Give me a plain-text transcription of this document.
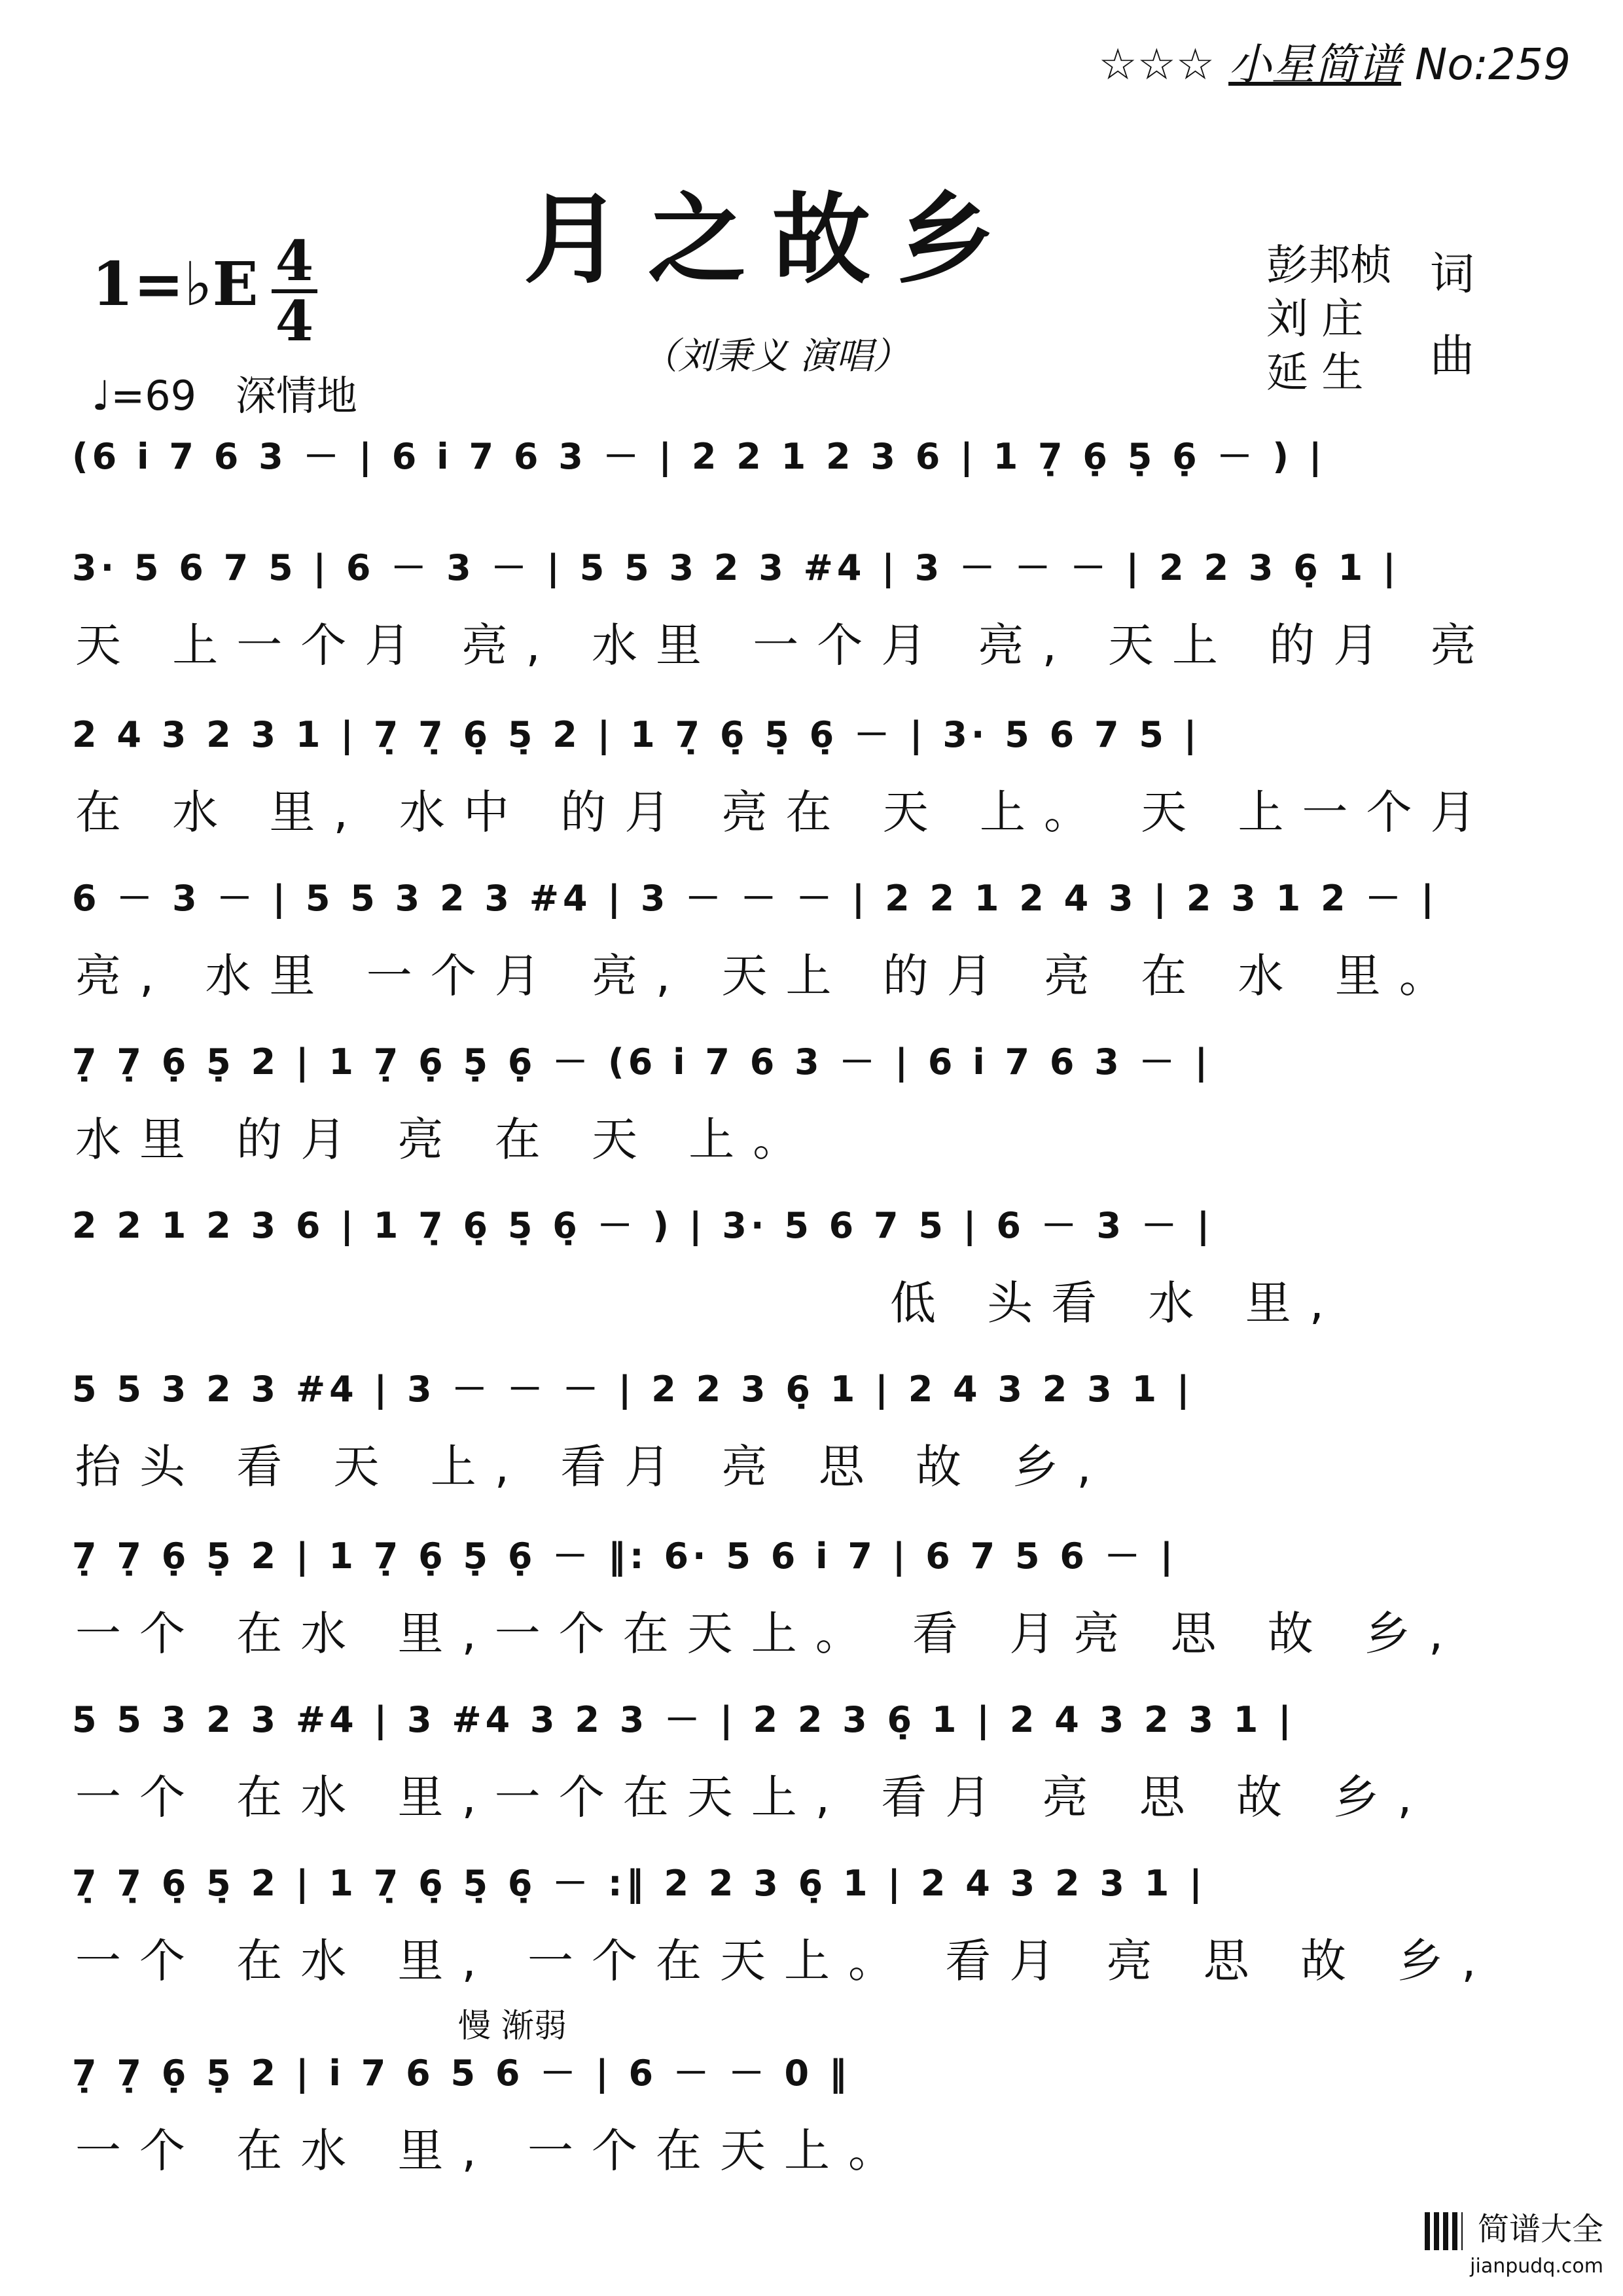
☆☆☆ 小星简谱 No:259
月之故乡
（刘秉义 演唱）
1=♭E 4
4
♩=69 深情地
彭邦桢
刘 庄
延 生
词
曲
(6 i̇ 7 6 3 － | 6 i̇ 7 6 3 － | 2 2 1 2 3 6 | 1 7̣ 6̣ 5̣ 6̣ － ) |
3· 5 6 7 5 | 6 － 3 － | 5 5 3 2 3 #4 | 3 － － － | 2 2 3 6̣ 1 |
天 上一个月 亮, 水里 一个月 亮, 天上 的月 亮
2 4 3 2 3 1 | 7̣ 7̣ 6̣ 5̣ 2 | 1 7̣ 6̣ 5̣ 6̣ － | 3· 5 6 7 5 |
在 水 里, 水中 的月 亮在 天 上。 天 上一个月
6 － 3 － | 5 5 3 2 3 #4 | 3 － － － | 2 2 1 2 4 3 | 2 3 1 2 － |
亮, 水里 一个月 亮, 天上 的月 亮 在 水 里。
7̣ 7̣ 6̣ 5̣ 2 | 1 7̣ 6̣ 5̣ 6̣ － (6 i̇ 7 6 3 － | 6 i̇ 7 6 3 － |
水里 的月 亮 在 天 上。
2 2 1 2 3 6 | 1 7̣ 6̣ 5̣ 6̣ － ) | 3· 5 6 7 5 | 6 － 3 － |
低 头看 水 里,
5 5 3 2 3 #4 | 3 － － － | 2 2 3 6̣ 1 | 2 4 3 2 3 1 |
抬头 看 天 上, 看月 亮 思 故 乡,
7̣ 7̣ 6̣ 5̣ 2 | 1 7̣ 6̣ 5̣ 6̣ － ‖: 6· 5 6 i̇ 7 | 6 7 5 6 － |
一个 在水 里,一个在天上。 看 月亮 思 故 乡,
5 5 3 2 3 #4 | 3 #4 3 2 3 － | 2 2 3 6̣ 1 | 2 4 3 2 3 1 |
一个 在水 里,一个在天上, 看月 亮 思 故 乡,
7̣ 7̣ 6̣ 5̣ 2 | 1 7̣ 6̣ 5̣ 6̣ － :‖ 2 2 3 6̣ 1 | 2 4 3 2 3 1 |
一个 在水 里, 一个在天上。 看月 亮 思 故 乡,
慢 渐弱
7̣ 7̣ 6̣ 5̣ 2 | i̇ 7 6 5 6 － | 6 － － 0 ‖
一个 在水 里, 一个在天上。
简谱大全
jianpudq.com
